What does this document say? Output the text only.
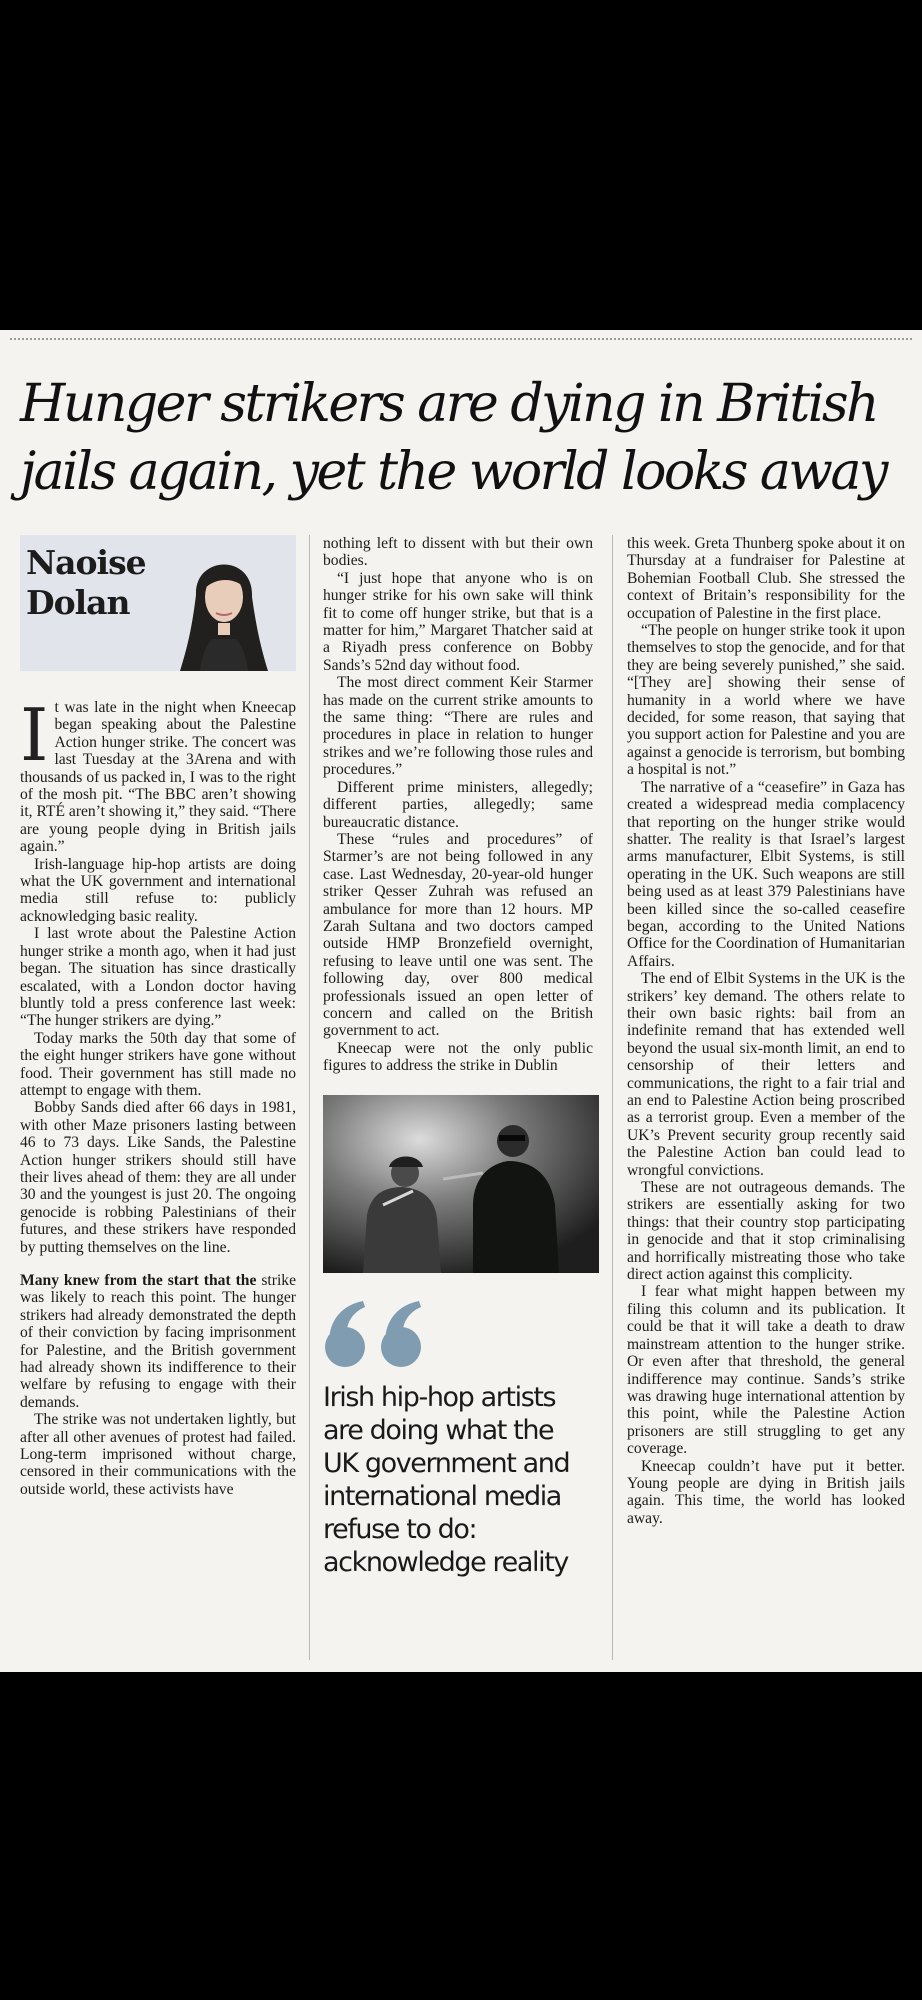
Hunger strikers are dying in British
jails again, yet the world looks away
Naoise
Dolan

It was late in the night when Kneecap began speaking about the Palestine Action hunger strike. The concert was last Tuesday at the 3Arena and with thousands of us packed in, I was to the right of the mosh pit. “The BBC aren’t showing it, RTÉ aren’t showing it,” they said. “There are young people dying in British jails again.”

Irish-language hip-hop artists are doing what the UK government and international media still refuse to: publicly acknowledging basic reality.

I last wrote about the Palestine Action hunger strike a month ago, when it had just began. The situation has since drastically escalated, with a London doctor having bluntly told a press conference last week: “The hunger strikers are dying.”

Today marks the 50th day that some of the eight hunger strikers have gone without food. Their government has still made no attempt to engage with them.

Bobby Sands died after 66 days in 1981, with other Maze prisoners lasting between 46 to 73 days. Like Sands, the Palestine Action hunger strikers should still have their lives ahead of them: they are all under 30 and the youngest is just 20. The ongoing genocide is robbing Palestinians of their futures, and these strikers have responded by putting themselves on the line.

Many knew from the start that the strike was likely to reach this point. The hunger strikers had already demonstrated the depth of their conviction by facing imprisonment for Palestine, and the British government had already shown its indifference to their welfare by refusing to engage with their demands.

The strike was not undertaken lightly, but after all other avenues of protest had failed. Long-term imprisoned without charge, censored in their communications with the outside world, these activists have

nothing left to dissent with but their own bodies.

“I just hope that anyone who is on hunger strike for his own sake will think fit to come off hunger strike, but that is a matter for him,” Margaret Thatcher said at a Riyadh press conference on Bobby Sands’s 52nd day without food.

The most direct comment Keir Starmer has made on the current strike amounts to the same thing: “There are rules and procedures in place in relation to hunger strikes and we’re following those rules and procedures.”

Different prime ministers, allegedly; different parties, allegedly; same bureaucratic distance.

These “rules and procedures” of Starmer’s are not being followed in any case. Last Wednesday, 20-year-old hunger striker Qesser Zuhrah was refused an ambulance for more than 12 hours. MP Zarah Sultana and two doctors camped outside HMP Bronzefield overnight, refusing to leave until one was sent. The following day, over 800 medical professionals issued an open letter of concern and called on the British government to act.

Kneecap were not the only public figures to address the strike in Dublin

Irish hip-hop artists are doing what the UK government and international media refuse to do: acknowledge reality

this week. Greta Thunberg spoke about it on Thursday at a fundraiser for Palestine at Bohemian Football Club. She stressed the context of Britain’s responsibility for the occupation of Palestine in the first place.

“The people on hunger strike took it upon themselves to stop the genocide, and for that they are being severely punished,” she said. “[They are] showing their sense of humanity in a world where we have decided, for some reason, that saying that you support action for Palestine and you are against a genocide is terrorism, but bombing a hospital is not.”

The narrative of a “ceasefire” in Gaza has created a widespread media complacency that reporting on the hunger strike would shatter. The reality is that Israel’s largest arms manufacturer, Elbit Systems, is still operating in the UK. Such weapons are still being used as at least 379 Palestinians have been killed since the so-called ceasefire began, according to the United Nations Office for the Coordination of Humanitarian Affairs.

The end of Elbit Systems in the UK is the strikers’ key demand. The others relate to their own basic rights: bail from an indefinite remand that has extended well beyond the usual six-month limit, an end to censorship of their letters and communications, the right to a fair trial and an end to Palestine Action being proscribed as a terrorist group. Even a member of the UK’s Prevent security group recently said the Palestine Action ban could lead to wrongful convictions.

These are not outrageous demands. The strikers are essentially asking for two things: that their country stop participating in genocide and that it stop criminalising and horrifically mistreating those who take direct action against this complicity.

I fear what might happen between my filing this column and its publication. It could be that it will take a death to draw mainstream attention to the hunger strike. Or even after that threshold, the general indifference may continue. Sands’s strike was drawing huge international attention by this point, while the Palestine Action prisoners are still struggling to get any coverage.

Kneecap couldn’t have put it better. Young people are dying in British jails again. This time, the world has looked away.
